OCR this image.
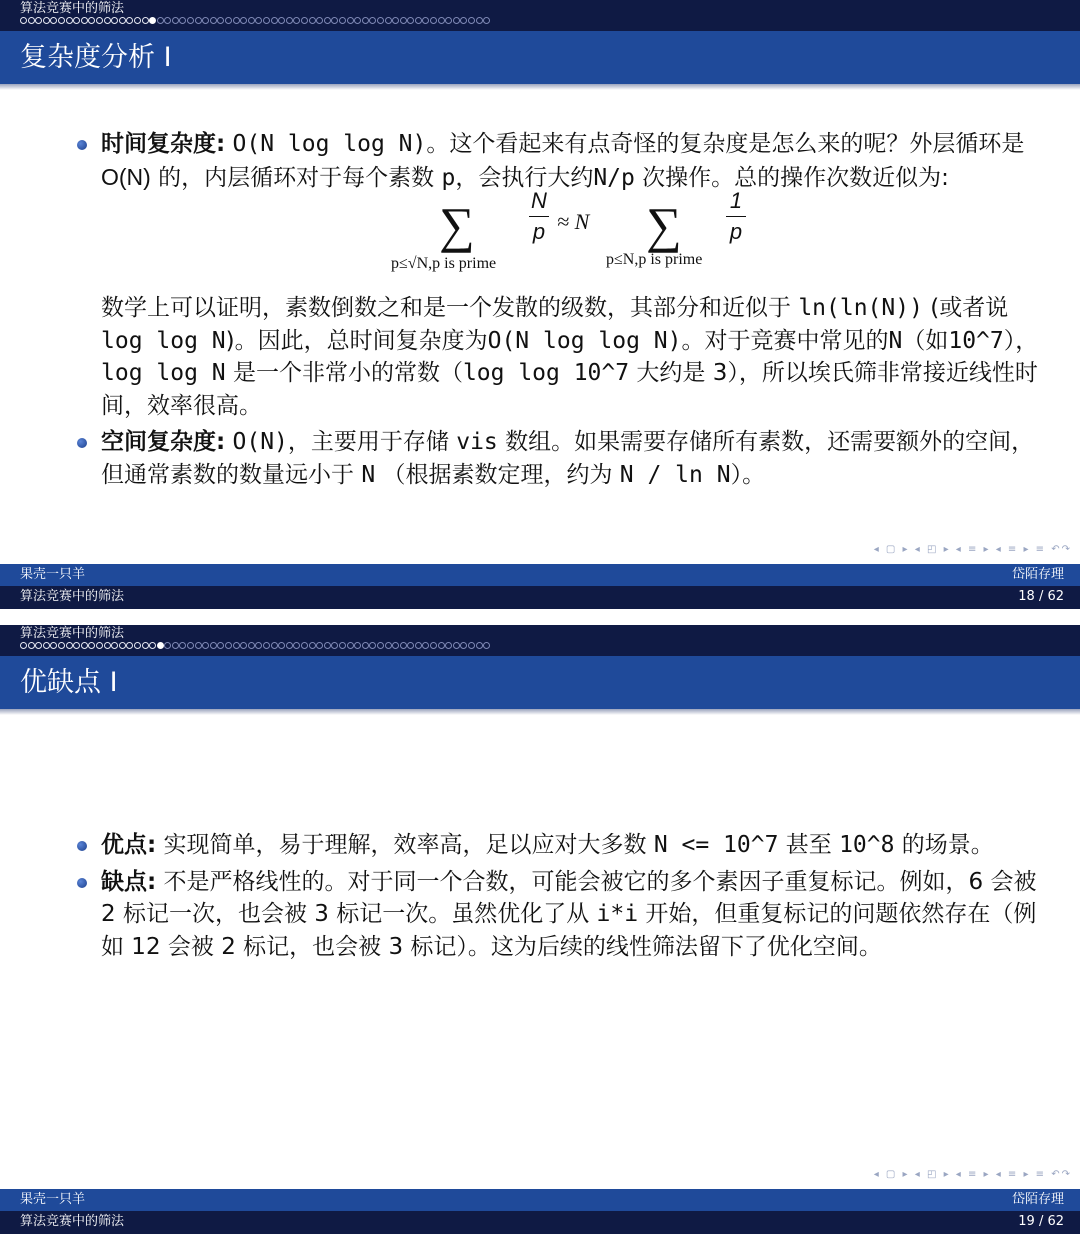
算法竞赛中的筛法
复杂度分析 I
时间复杂度: O(N log log N)。这个看起来有点奇怪的复杂度是怎么来的呢？外层循环是 O(N) 的，内层循环对于每个素数 p，会执行大约N/p 次操作。总的操作次数近似为:
∑
p≤√N,p is prime
N
p ≈ N ∑
p≤N,p is prime
1
p
数学上可以证明，素数倒数之和是一个发散的级数，其部分和近似于 ln(ln(N)) (或者说 log log N)。因此，总时间复杂度为O(N log log N)。对于竞赛中常见的N（如10^7），log log N 是一个非常小的常数（log log 10^7 大约是 3），所以埃氏筛非常接近线性时间，效率很高。
空间复杂度: O(N)，主要用于存储 vis 数组。如果需要存储所有素数，还需要额外的空间，但通常素数的数量远小于 N （根据素数定理，约为 N / ln N）。
◂ ▢ ▸ ◂ ◰ ▸ ◂ ≡ ▸ ◂ ≡ ▸ ≡ ↶↷
果壳一只羊	岱陌存理
算法竞赛中的筛法	18 / 62
算法竞赛中的筛法
优缺点 I
优点: 实现简单，易于理解，效率高，足以应对大多数 N <= 10^7 甚至 10^8 的场景。
缺点: 不是严格线性的。对于同一个合数，可能会被它的多个素因子重复标记。例如，6 会被 2 标记一次，也会被 3 标记一次。虽然优化了从 i*i 开始，但重复标记的问题依然存在（例如 12 会被 2 标记，也会被 3 标记）。这为后续的线性筛法留下了优化空间。
◂ ▢ ▸ ◂ ◰ ▸ ◂ ≡ ▸ ◂ ≡ ▸ ≡ ↶↷
果壳一只羊	岱陌存理
算法竞赛中的筛法	19 / 62
